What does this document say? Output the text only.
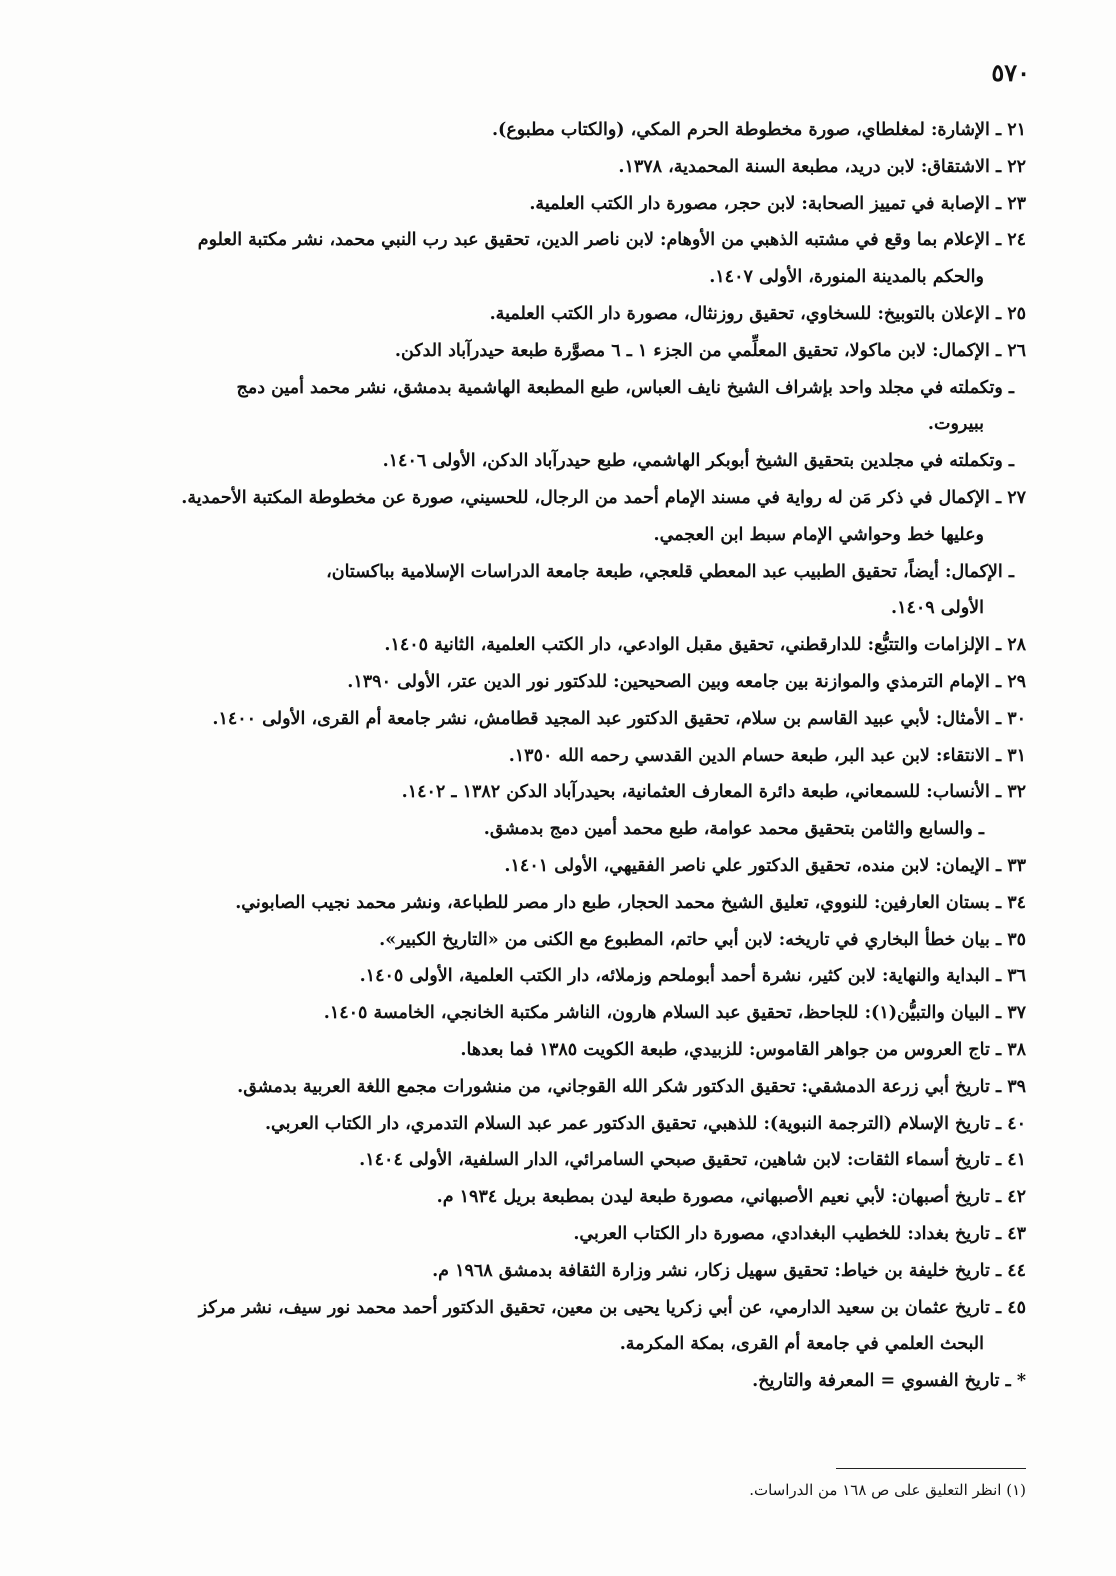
٥٧٠
٢١ ـ الإشارة: لمغلطاي، صورة مخطوطة الحرم المكي، (والكتاب مطبوع).
٢٢ ـ الاشتقاق: لابن دريد، مطبعة السنة المحمدية، ١٣٧٨.
٢٣ ـ الإصابة في تمييز الصحابة: لابن حجر، مصورة دار الكتب العلمية.
٢٤ ـ الإعلام بما وقع في مشتبه الذهبي من الأوهام: لابن ناصر الدين، تحقيق عبد رب النبي محمد، نشر مكتبة العلوم
والحكم بالمدينة المنورة، الأولى ١٤٠٧.
٢٥ ـ الإعلان بالتوبيخ: للسخاوي، تحقيق روزنثال، مصورة دار الكتب العلمية.
٢٦ ـ الإكمال: لابن ماكولا، تحقيق المعلِّمي من الجزء ١ ـ ٦ مصوَّرة طبعة حيدرآباد الدكن.
ـ وتكملته في مجلد واحد بإشراف الشيخ نايف العباس، طبع المطبعة الهاشمية بدمشق، نشر محمد أمين دمج
ببيروت.
ـ وتكملته في مجلدين بتحقيق الشيخ أبوبكر الهاشمي، طبع حيدرآباد الدكن، الأولى ١٤٠٦.
٢٧ ـ الإكمال في ذكر مَن له رواية في مسند الإمام أحمد من الرجال، للحسيني، صورة عن مخطوطة المكتبة الأحمدية.
وعليها خط وحواشي الإمام سبط ابن العجمي.
ـ الإكمال: أيضاً، تحقيق الطبيب عبد المعطي قلعجي، طبعة جامعة الدراسات الإسلامية بباكستان،
الأولى ١٤٠٩.
٢٨ ـ الإلزامات والتتبُّع: للدارقطني، تحقيق مقبل الوادعي، دار الكتب العلمية، الثانية ١٤٠٥.
٢٩ ـ الإمام الترمذي والموازنة بين جامعه وبين الصحيحين: للدكتور نور الدين عتر، الأولى ١٣٩٠.
٣٠ ـ الأمثال: لأبي عبيد القاسم بن سلام، تحقيق الدكتور عبد المجيد قطامش، نشر جامعة أم القرى، الأولى ١٤٠٠.
٣١ ـ الانتقاء: لابن عبد البر، طبعة حسام الدين القدسي رحمه الله ١٣٥٠.
٣٢ ـ الأنساب: للسمعاني، طبعة دائرة المعارف العثمانية، بحيدرآباد الدكن ١٣٨٢ ـ ١٤٠٢.
ـ والسابع والثامن بتحقيق محمد عوامة، طبع محمد أمين دمج بدمشق.
٣٣ ـ الإيمان: لابن منده، تحقيق الدكتور علي ناصر الفقيهي، الأولى ١٤٠١.
٣٤ ـ بستان العارفين: للنووي، تعليق الشيخ محمد الحجار، طبع دار مصر للطباعة، ونشر محمد نجيب الصابوني.
٣٥ ـ بيان خطأ البخاري في تاريخه: لابن أبي حاتم، المطبوع مع الكنى من «التاريخ الكبير».
٣٦ ـ البداية والنهاية: لابن كثير، نشرة أحمد أبوملحم وزملائه، دار الكتب العلمية، الأولى ١٤٠٥.
٣٧ ـ البيان والتبيُّن(١): للجاحظ، تحقيق عبد السلام هارون، الناشر مكتبة الخانجي، الخامسة ١٤٠٥.
٣٨ ـ تاج العروس من جواهر القاموس: للزبيدي، طبعة الكويت ١٣٨٥ فما بعدها.
٣٩ ـ تاريخ أبي زرعة الدمشقي: تحقيق الدكتور شكر الله القوجاني، من منشورات مجمع اللغة العربية بدمشق.
٤٠ ـ تاريخ الإسلام (الترجمة النبوية): للذهبي، تحقيق الدكتور عمر عبد السلام التدمري، دار الكتاب العربي.
٤١ ـ تاريخ أسماء الثقات: لابن شاهين، تحقيق صبحي السامرائي، الدار السلفية، الأولى ١٤٠٤.
٤٢ ـ تاريخ أصبهان: لأبي نعيم الأصبهاني، مصورة طبعة ليدن بمطبعة بريل ١٩٣٤ م.
٤٣ ـ تاريخ بغداد: للخطيب البغدادي، مصورة دار الكتاب العربي.
٤٤ ـ تاريخ خليفة بن خياط: تحقيق سهيل زكار، نشر وزارة الثقافة بدمشق ١٩٦٨ م.
٤٥ ـ تاريخ عثمان بن سعيد الدارمي، عن أبي زكريا يحيى بن معين، تحقيق الدكتور أحمد محمد نور سيف، نشر مركز
البحث العلمي في جامعة أم القرى، بمكة المكرمة.
* ـ تاريخ الفسوي = المعرفة والتاريخ.
(١) انظر التعليق على ص ١٦٨ من الدراسات.
